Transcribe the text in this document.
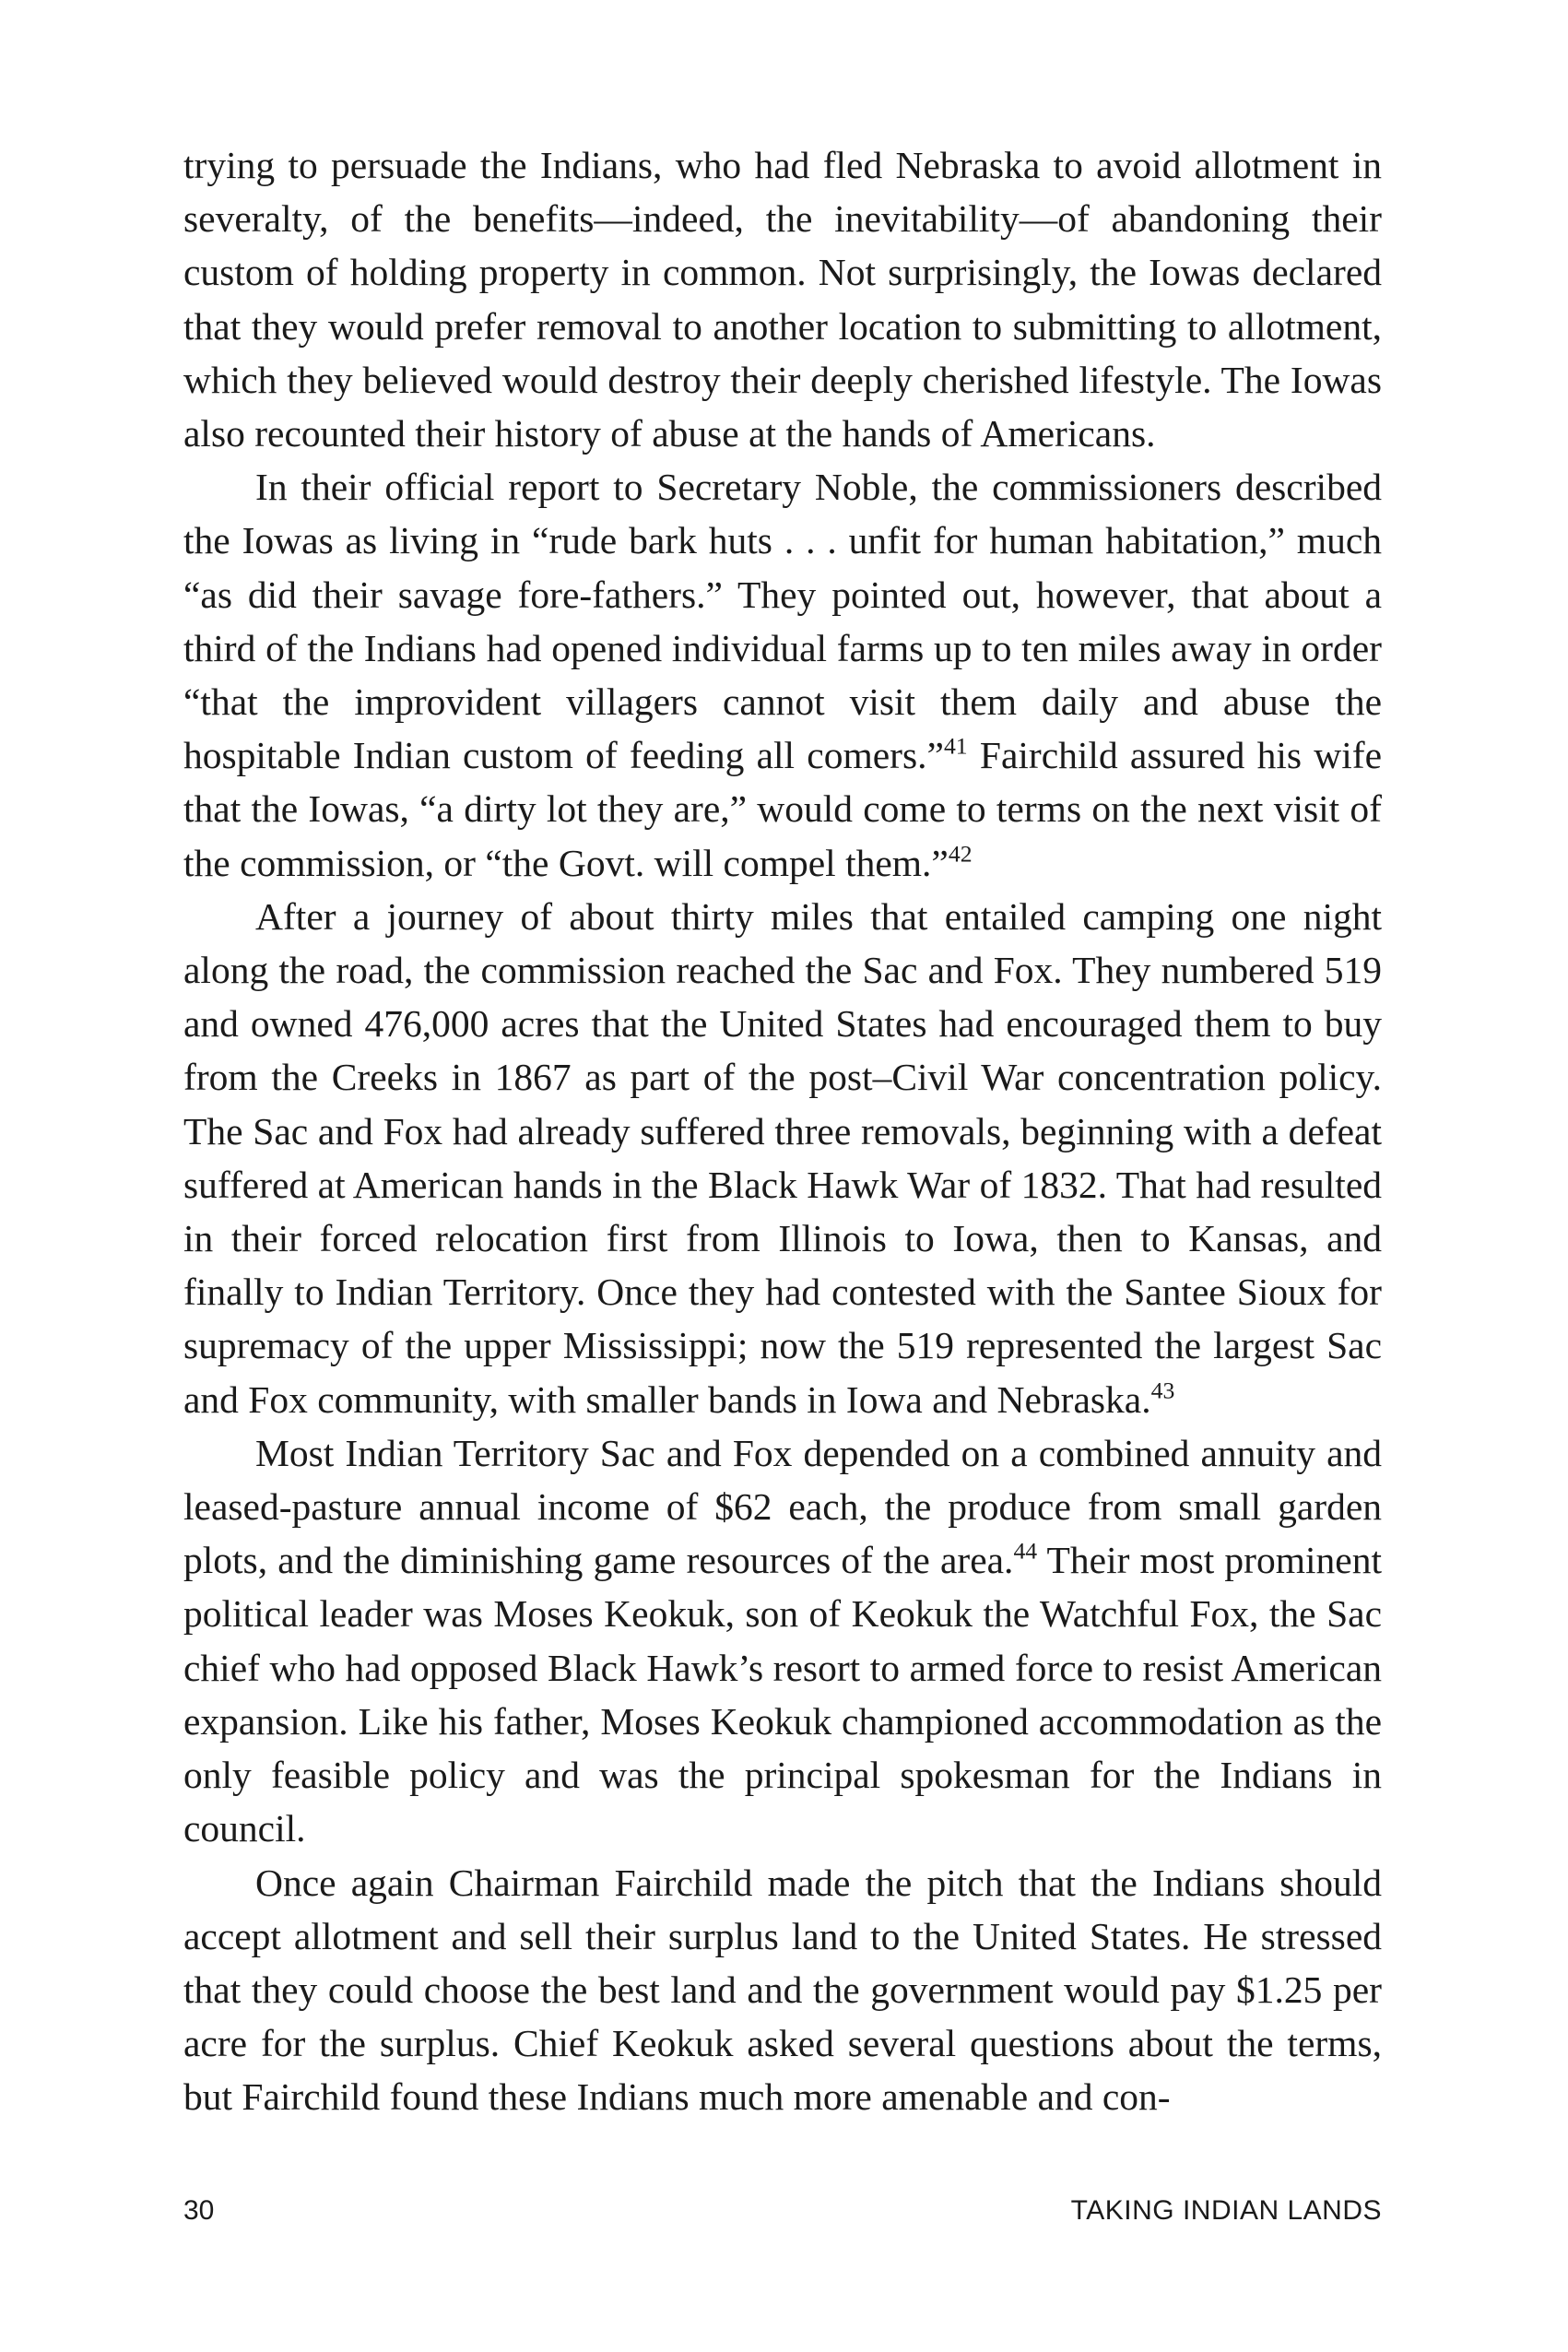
trying to persuade the Indians, who had fled Nebraska to avoid allotment in severalty, of the benefits—indeed, the inevitability—of abandoning their custom of holding property in common. Not surprisingly, the Iowas declared that they would prefer removal to another location to submitting to allotment, which they believed would destroy their deeply cherished lifestyle. The Iowas also recounted their history of abuse at the hands of Americans.

In their official report to Secretary Noble, the commissioners described the Iowas as living in “rude bark huts . . . unfit for human habitation,” much “as did their savage fore-fathers.” They pointed out, however, that about a third of the Indians had opened individual farms up to ten miles away in order “that the improvident villagers cannot visit them daily and abuse the hospitable Indian custom of feeding all comers.”$^{41}$ Fairchild assured his wife that the Iowas, “a dirty lot they are,” would come to terms on the next visit of the commission, or “the Govt. will compel them.”$^{42}$

After a journey of about thirty miles that entailed camping one night along the road, the commission reached the Sac and Fox. They numbered 519 and owned 476,000 acres that the United States had encouraged them to buy from the Creeks in 1867 as part of the post–Civil War concentration policy. The Sac and Fox had already suffered three removals, beginning with a defeat suffered at American hands in the Black Hawk War of 1832. That had resulted in their forced relocation first from Illinois to Iowa, then to Kansas, and finally to Indian Territory. Once they had contested with the Santee Sioux for supremacy of the upper Mississippi; now the 519 represented the largest Sac and Fox community, with smaller bands in Iowa and Nebraska.$^{43}$

Most Indian Territory Sac and Fox depended on a combined annuity and leased-pasture annual income of $62 each, the produce from small garden plots, and the diminishing game resources of the area.$^{44}$ Their most prominent political leader was Moses Keokuk, son of Keokuk the Watchful Fox, the Sac chief who had opposed Black Hawk’s resort to armed force to resist American expansion. Like his father, Moses Keokuk championed accommodation as the only feasible policy and was the principal spokesman for the Indians in council.

Once again Chairman Fairchild made the pitch that the Indians should accept allotment and sell their surplus land to the United States. He stressed that they could choose the best land and the government would pay $1.25 per acre for the surplus. Chief Keokuk asked several questions about the terms, but Fairchild found these Indians much more amenable and con-

30	TAKING INDIAN LANDS
